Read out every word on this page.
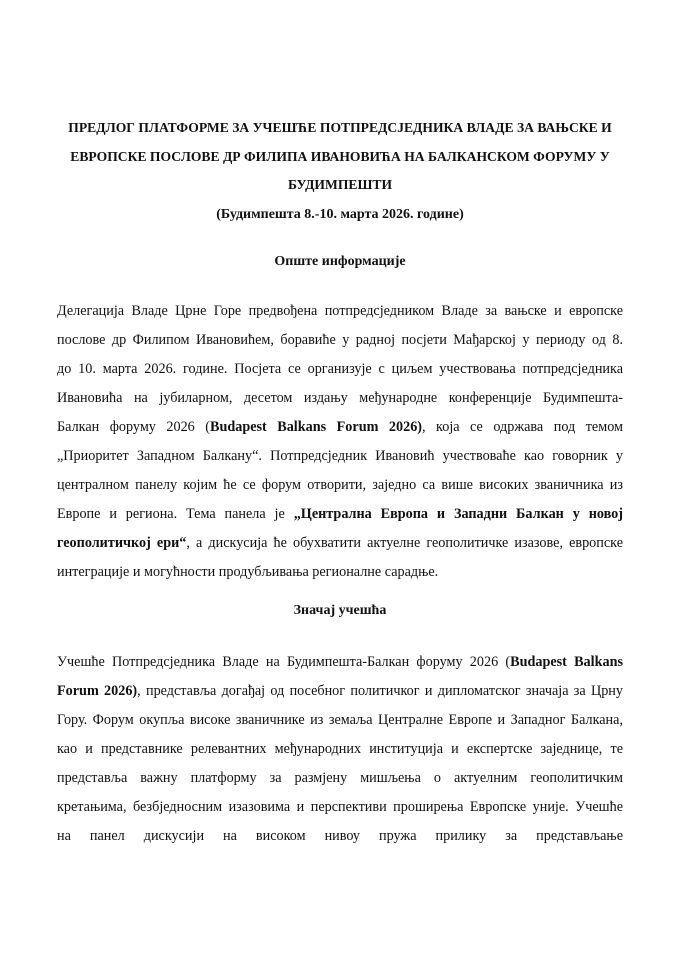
ПРЕДЛОГ ПЛАТФОРМЕ ЗА УЧЕШЋЕ ПОТПРЕДСЈЕДНИКА ВЛАДЕ ЗА ВАЊСКЕ И
ЕВРОПСКЕ ПОСЛОВЕ ДР ФИЛИПА ИВАНОВИЋА НА БАЛКАНСКОМ ФОРУМУ У
БУДИМПЕШТИ
(Будимпешта 8.-10. марта 2026. године)
Опште информације
Делегација Владе Црне Горе предвођена потпредсједником Владе за вањске и европске
послове др Филипом Ивановићем, боравиће у радној посјети Мађарској у периоду од 8.
до 10. марта 2026. године. Посјета се организује с циљем учествовања потпредсједника
Ивановића на јубиларном, десетом издању међународне конференције Будимпешта-
Балкан форуму 2026 (Budapest Balkans Forum 2026), која се одржава под темом
„Приоритет Западном Балкану“. Потпредсједник Ивановић учествоваће као говорник у
централном панелу којим ће се форум отворити, заједно са више високих званичника из
Европе и региона. Тема панела је „Централна Европа и Западни Балкан у новој
геополитичкој ери“, а дискусија ће обухватити актуелне геополитичке изазове, европске
интеграције и могућности продубљивања регионалне сарадње.
Значај учешћа
Учешће Потпредсједника Владе на Будимпешта-Балкан форуму 2026 (Budapest Balkans
Forum 2026), представља догађај од посебног политичког и дипломатског значаја за Црну
Гору. Форум окупља високе званичнике из земаља Централне Европе и Западног Балкана,
као и представнике релевантних међународних институција и експертске заједнице, те
представља важну платформу за размјену мишљења о актуелним геополитичким
кретањима, безбједносним изазовима и перспективи проширења Европске уније. Учешће
на панел дискусији на високом нивоу пружа прилику за представљање
